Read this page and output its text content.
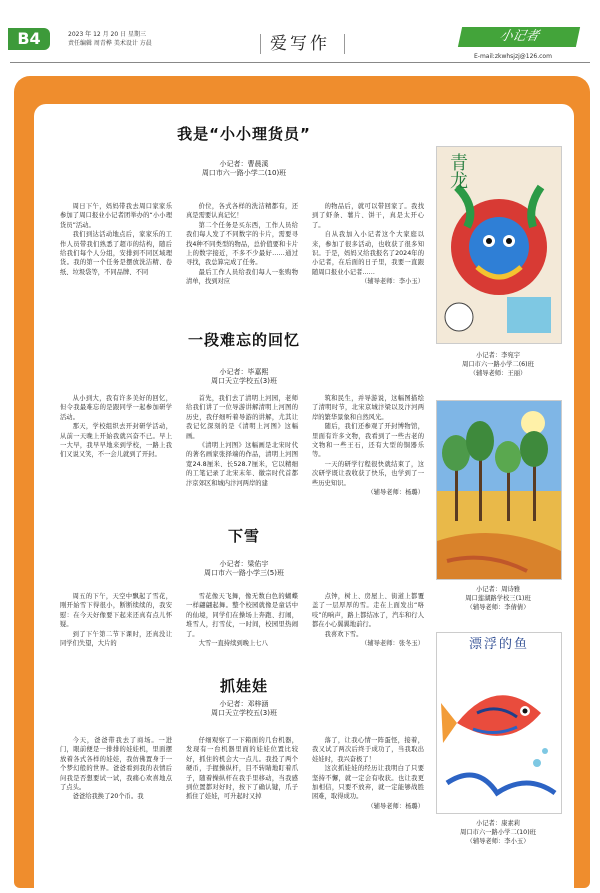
B4	2023 年 12 月 20 日 星期三
责任编辑 周青桦 美术设计 方晨	爱写作	小记者
E-mail:zkwhsjzj@126.com
我是“小小理货员”
小记者：曹晨溪
周口市六一路小学二(10)班

周日下午，妈妈带我去周口家家乐参加了周口报业小记者团举办的“小小理货员”活动。

我们到达活动地点后，家家乐的工作人员带我们熟悉了超市的结构，随后给我们每个人分组，安排到不同区域理货。我的第一个任务是摆放洗洁精、卷纸、垃圾袋等，不同品牌、不同

价位，各式各样的洗洁精都有，还真是需要认真记忆！

第二个任务是买东西，工作人员给我们每人发了不同数字的卡片，需要寻找4种不同类型的物品，总价值要和卡片上的数字接近，不多不少最好……通过寻找，我总算完成了任务。

最后工作人员给我们每人一张购物清单，找到对应

的物品后，就可以带回家了。我找到了虾条、薯片、饼干，真是太开心了。

自从我加入小记者这个大家庭以来，参加了很多活动，也收获了很多知识。于是，妈妈又给我报名了2024年的小记者，在后面的日子里，我要一直跟随周口报业小记者……

（辅导老师：李小玉）

一段难忘的回忆
小记者：毕嘉熙
周口天立学校五(3)班

从小到大，我有许多美好的回忆，但令我最难忘的是跟同学一起参加研学活动。

那天，学校组织去开封研学活动，从前一天晚上开始我就兴奋不已。早上一大早，我早早地来到学校，一路上我们又说又笑，不一会儿就到了开封。

首先，我们去了清明上河园，老师给我们讲了一位导游讲解清明上河图的历史，我仔细听着导游的讲解，尤其让我记忆深刻的是《清明上河图》这幅画。

《清明上河图》这幅画是北宋时代的著名画家张择端的作品，清明上河图宽24.8厘米、长528.7厘米，它以精细的工笔记录了北宋末年、徽宗时代首都汴京郊区和城内汴河两岸的建

筑和民生，并导游说，这幅图描绘了清明时节，北宋京城汴梁以及汴河两岸的繁华景象和自然风光。

随后，我们还参观了开封博物馆，里面有许多文物，我看到了一些古老的文物和一些王石，还有大型的铜器乐等。

一天的研学行程很快就结束了，这次研学既让我收获了快乐，也学到了一些历史知识。

（辅导老师：杨璐）

下雪
小记者：梁佑宇
周口市六一路小学三(5)班

周五的下午，天空中飘起了雪花，刚开始雪下得很小，断断续续的，我安慰：在今天好像要下起来还真有点儿怀疑。

到了下午第二节下课时，还真没让同学们失望，大片的

雪花像天飞舞，像无数白色的蝴蝶一样翩翩起舞。整个校园就像是童话中的仙境，同学们在操场上奔跑、打闹，堆雪人，打雪仗，一时间，校园里热闹了。

大雪一直持续到晚上七八

点钟，树上、房屋上、街道上都覆盖了一层厚厚的雪。走在上面发出“咯吱”的响声，路上都结冰了，汽车和行人都在小心翼翼地前行。

我喜欢下雪。

（辅导老师：张冬玉）

抓娃娃
小记者：邓梓涵
周口天立学校五(3)班

今天，爸爸带我去了商场。一进门，眼前便是一排排的娃娃机，里面摆放着各式各样的娃娃，我仿佛置身于一个梦幻般的世界。爸爸看到我的表情后问我是否想要试一试，我痛心欢喜地点了点头。

爸爸给我换了20个币。我

仔细观察了一下箱面的几台机器，发现有一台机器里面的娃娃位置比较好，抓住的机会大一点儿。我投了两个硬币，手握操纵杆，目不转睛地盯着爪子，随着操纵杆在我手里移动，当我感到位置都对好时，按下了确认键，爪子抓住了娃娃，可升起时又掉

落了，让我心情一阵蛋怪，接着，我又试了两次后终于成功了，当我取出娃娃时，我兴奋极了！

这次抓娃娃的经历让我明白了只要坚持不懈，就一定会有收获。也让我更加相信，只要不放弃，就一定能够战胜困难，取得成功。

（辅导老师：杨璐）

青龙
小记者：李宛宇
周口市六一路小学二(6)班
（辅导老师：王丽）
小记者：周诗雅
周口莲湖路学校三(1)班
（辅导老师：李倩倩）
漂浮的鱼
小记者：康素莉
周口市六一路小学二(10)班
（辅导老师：李小玉）
